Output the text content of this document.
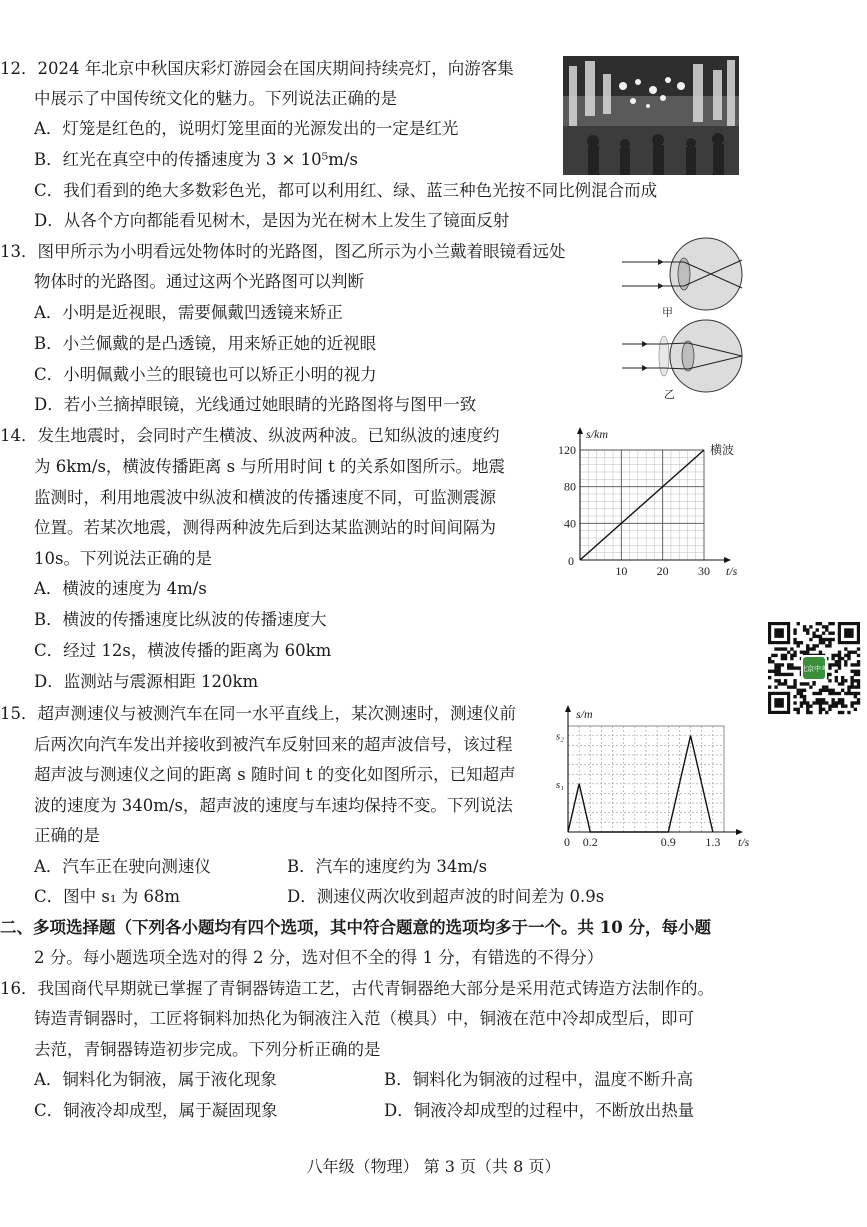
12．2024 年北京中秋国庆彩灯游园会在国庆期间持续亮灯，向游客集
中展示了中国传统文化的魅力。下列说法正确的是
A．灯笼是红色的，说明灯笼里面的光源发出的一定是红光
B．红光在真空中的传播速度为 3 × 10⁵m/s
C．我们看到的绝大多数彩色光，都可以利用红、绿、蓝三种色光按不同比例混合而成
D．从各个方向都能看见树木，是因为光在树木上发生了镜面反射
13．图甲所示为小明看远处物体时的光路图，图乙所示为小兰戴着眼镜看远处
物体时的光路图。通过这两个光路图可以判断
A．小明是近视眼，需要佩戴凹透镜来矫正
B．小兰佩戴的是凸透镜，用来矫正她的近视眼
C．小明佩戴小兰的眼镜也可以矫正小明的视力
D．若小兰摘掉眼镜，光线通过她眼睛的光路图将与图甲一致
甲
乙
14．发生地震时，会同时产生横波、纵波两种波。已知纵波的速度约
为 6km/s，横波传播距离 s 与所用时间 t 的关系如图所示。地震
监测时，利用地震波中纵波和横波的传播速度不同，可监测震源
位置。若某次地震，测得两种波先后到达某监测站的时间间隔为
10s。下列说法正确的是
A．横波的速度为 4m/s
B．横波的传播速度比纵波的传播速度大
C．经过 12s，横波传播的距离为 60km
D．监测站与震源相距 120km
横波
s/km
t/s
0
40
80
120
10 20 30
北京中考
15．超声测速仪与被测汽车在同一水平直线上，某次测速时，测速仪前
后两次向汽车发出并接收到被汽车反射回来的超声波信号，该过程
超声波与测速仪之间的距离 s 随时间 t 的变化如图所示，已知超声
波的速度为 340m/s，超声波的速度与车速均保持不变。下列说法
正确的是
A．汽车正在驶向测速仪	B．汽车的速度约为 34m/s
C．图中 s₁ 为 68m	D．测速仪两次收到超声波的时间差为 0.9s
s/m
t/s
s₁
s₂
0 0.2	0.9 1.3
二、多项选择题（下列各小题均有四个选项，其中符合题意的选项均多于一个。共 10 分，每小题
2 分。每小题选项全选对的得 2 分，选对但不全的得 1 分，有错选的不得分）
16．我国商代早期就已掌握了青铜器铸造工艺，古代青铜器绝大部分是采用范式铸造方法制作的。
铸造青铜器时，工匠将铜料加热化为铜液注入范（模具）中，铜液在范中冷却成型后，即可
去范，青铜器铸造初步完成。下列分析正确的是
A．铜料化为铜液，属于液化现象	B．铜料化为铜液的过程中，温度不断升高
C．铜液冷却成型，属于凝固现象	D．铜液冷却成型的过程中，不断放出热量
八年级（物理） 第 3 页（共 8 页）
